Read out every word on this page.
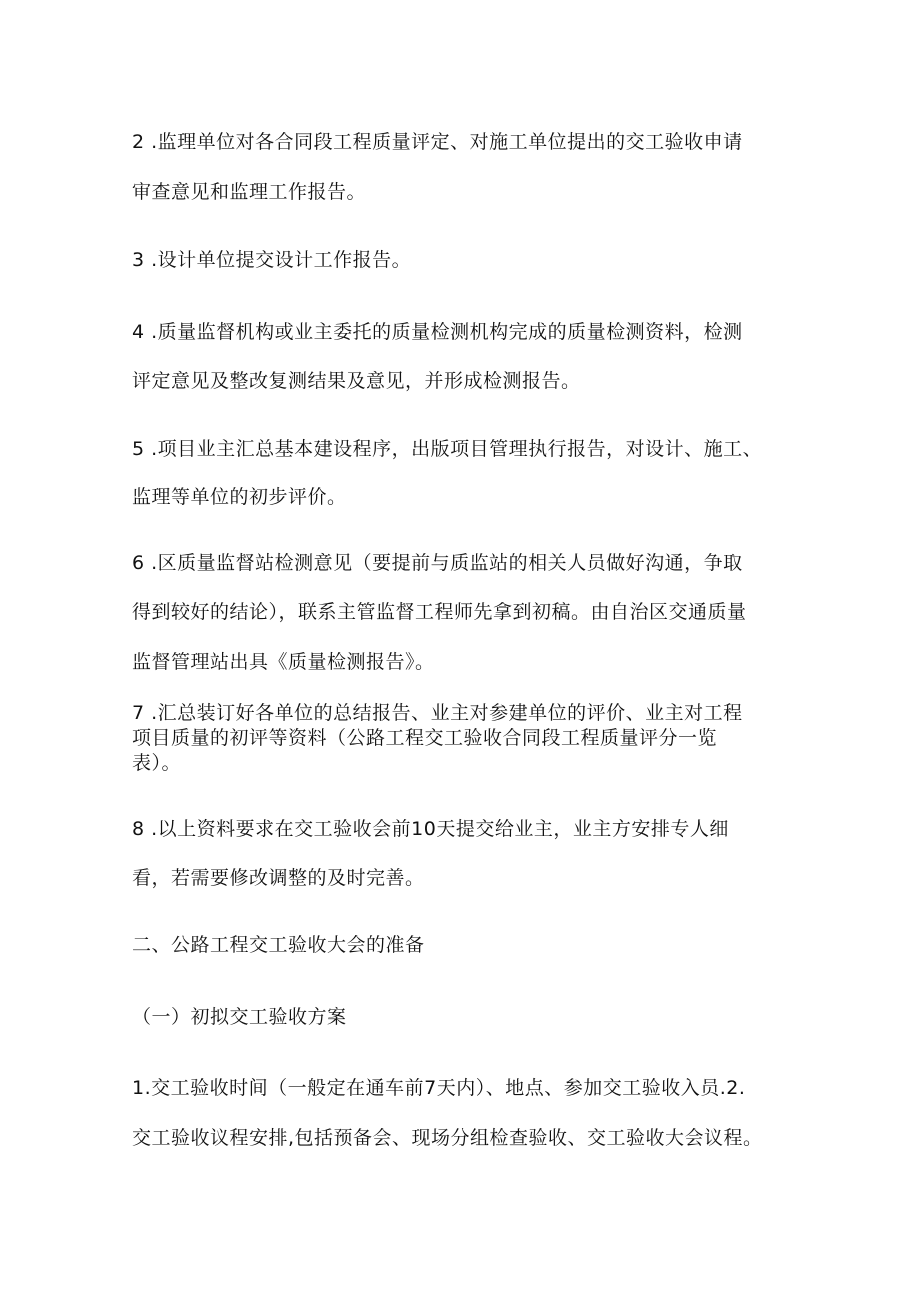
2 .监理单位对各合同段工程质量评定、对施工单位提出的交工验收申请
审查意见和监理工作报告。
3 .设计单位提交设计工作报告。
4 .质量监督机构或业主委托的质量检测机构完成的质量检测资料，检测
评定意见及整改复测结果及意见，并形成检测报告。
5 .项目业主汇总基本建设程序，出版项目管理执行报告，对设计、施工、
监理等单位的初步评价。
6 .区质量监督站检测意见（要提前与质监站的相关人员做好沟通，争取
得到较好的结论），联系主管监督工程师先拿到初稿。由自治区交通质量
监督管理站出具《质量检测报告》。
7 .汇总装订好各单位的总结报告、业主对参建单位的评价、业主对工程
项目质量的初评等资料（公路工程交工验收合同段工程质量评分一览
表）。
8 .以上资料要求在交工验收会前10天提交给业主，业主方安排专人细
看，若需要修改调整的及时完善。
二、公路工程交工验收大会的准备
（一）初拟交工验收方案
1.交工验收时间（一般定在通车前7天内）、地点、参加交工验收入员.2.
交工验收议程安排,包括预备会、现场分组检查验收、交工验收大会议程。
